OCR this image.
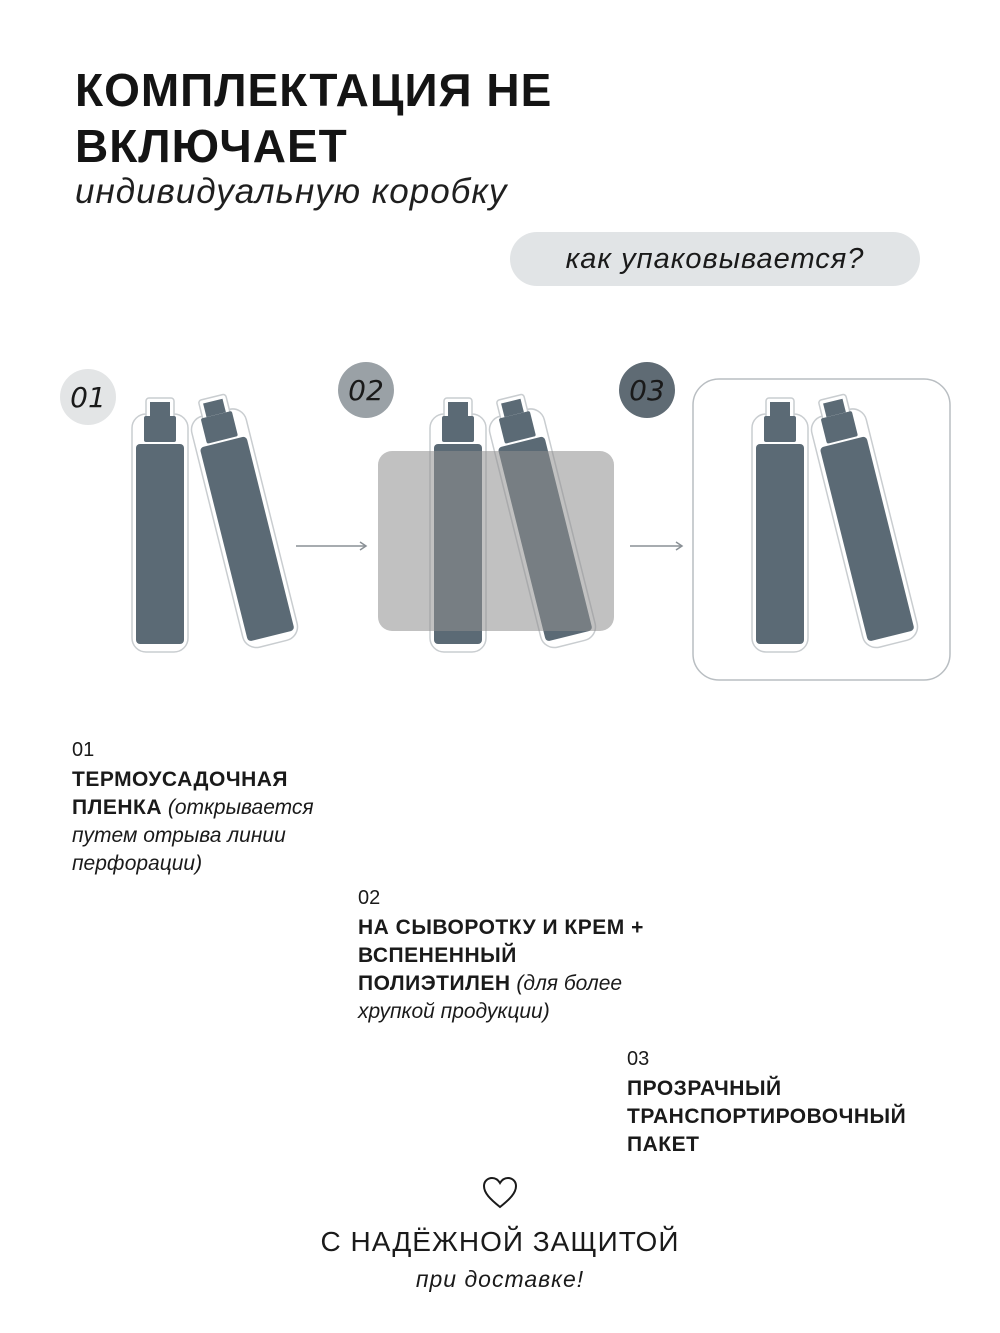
КОМПЛЕКТАЦИЯ НЕ ВКЛЮЧАЕТ
индивидуальную коробку
как упаковывается?
01	02	03
01
ТЕРМОУСАДОЧНАЯ ПЛЕНКА (открывается путем отрыва линии перфорации)
02
НА СЫВОРОТКУ И КРЕМ + ВСПЕНЕННЫЙ ПОЛИЭТИЛЕН (для более хрупкой продукции)
03
ПРОЗРАЧНЫЙ ТРАНСПОРТИРОВОЧНЫЙ ПАКЕТ
С НАДЁЖНОЙ ЗАЩИТОЙ
при доставке!
